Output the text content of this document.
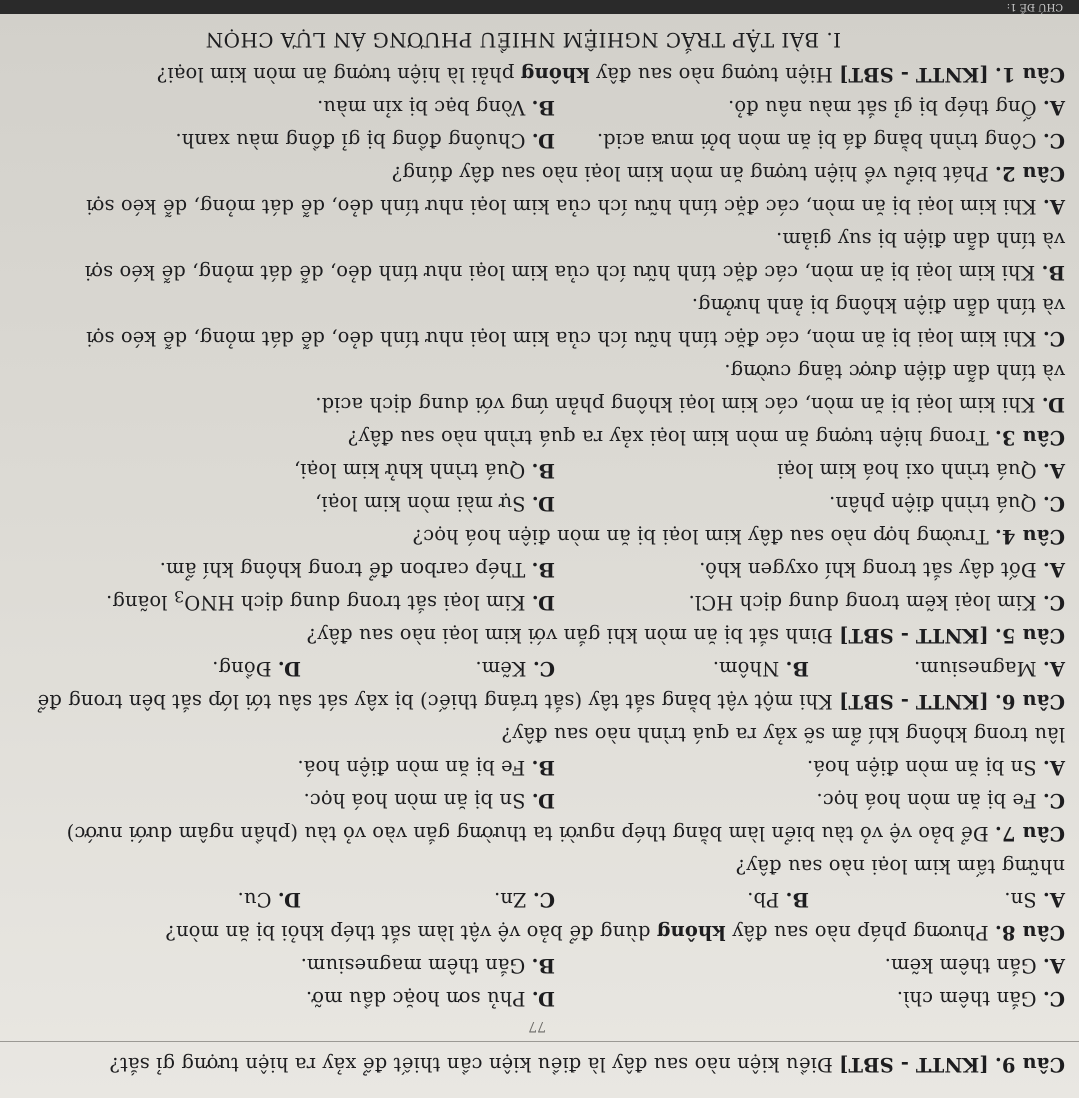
CHỦ ĐỀ 1:
I. BÀI TẬP TRẮC NGHIỆM NHIỀU PHƯƠNG ÁN LỰA CHỌN
Câu 1. [KNTT - SBT] Hiện tượng nào sau đây không phải là hiện tượng ăn mòn kim loại?
A. Ống thép bị gỉ sắt màu nâu đỏ.
B. Vòng bạc bị xỉn màu.
C. Công trình bằng đá bị ăn mòn bởi mưa acid.
D. Chuông đồng bị gỉ đồng màu xanh.
Câu 2. Phát biểu về hiện tượng ăn mòn kim loại nào sau đây đúng?
A. Khi kim loại bị ăn mòn, các đặc tính hữu ích của kim loại như tính dẻo, dễ dát mỏng, dễ kéo sợi
và tính dẫn điện bị suy giảm.
B. Khi kim loại bị ăn mòn, các đặc tính hữu ích của kim loại như tính dẻo, dễ dát mỏng, dễ kéo sợi
và tính dẫn điện không bị ảnh hưởng.
C. Khi kim loại bị ăn mòn, các đặc tính hữu ích của kim loại như tính dẻo, dễ dát mỏng, dễ kéo sợi
và tính dẫn điện được tăng cường.
D. Khi kim loại bị ăn mòn, các kim loại không phản ứng với dung dịch acid.
Câu 3. Trong hiện tượng ăn mòn kim loại xảy ra quá trình nào sau đây?
A. Quá trình oxi hoá kim loại
B. Quá trình khử kim loại,
C. Quá trình điện phân.
D. Sự mài mòn kim loại,
Câu 4. Trường hợp nào sau đây kim loại bị ăn mòn điện hoá học?
A. Đốt dây sắt trong khí oxygen khô.
B. Thép carbon để trong không khí ẩm.
C. Kim loại kẽm trong dung dịch HCl.
D. Kim loại sắt trong dung dịch $HNO_3$ loãng.
Câu 5. [KNTT - SBT] Đinh sắt bị ăn mòn khi gắn với kim loại nào sau đây?
A. Magnesium.
B. Nhôm.
C. Kẽm.
D. Đồng.
Câu 6. [KNTT - SBT] Khi một vật bằng sắt tây (sắt tráng thiếc) bị xây sát sâu tới lớp sắt bên trong để
lâu trong không khí ẩm sẽ xảy ra quá trình nào sau đây?
A. Sn bị ăn mòn điện hoá.
B. Fe bị ăn mòn điện hoá.
C. Fe bị ăn mòn hoá học.
D. Sn bị ăn mòn hoá học.
Câu 7. Để bảo vệ vỏ tàu biển làm bằng thép người ta thường gắn vào vỏ tàu (phần ngâm dưới nước)
những tấm kim loại nào sau đây?
A. Sn.
B. Pb.
C. Zn.
D. Cu.
Câu 8. Phương pháp nào sau đây không dùng để bảo vệ vật làm sắt thép khỏi bị ăn mòn?
A. Gắn thêm kẽm.
B. Gắn thêm magnesium.
C. Gắn thêm chì.
D. Phủ sơn hoặc dầu mỡ.
77
Câu 9. [KNTT - SBT] Điều kiện nào sau đây là điều kiện cần thiết để xảy ra hiện tượng gỉ sắt?
